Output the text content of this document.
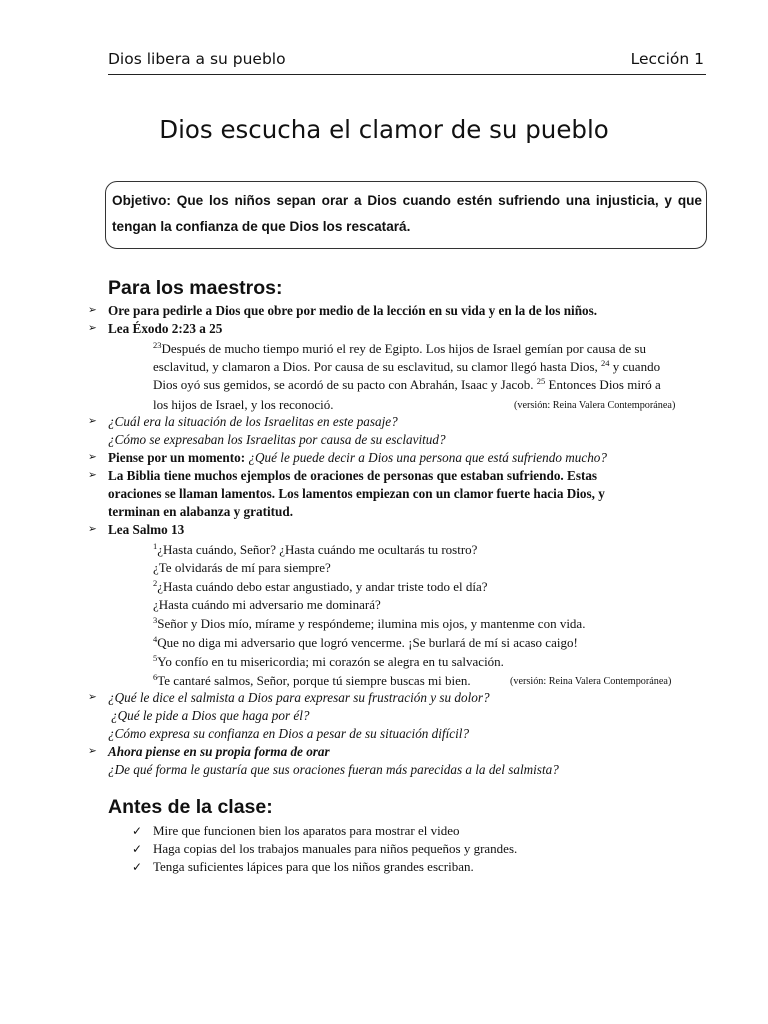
Dios libera a su pueblo	Lección 1
Dios escucha el clamor de su pueblo
Objetivo: Que los niños sepan orar a Dios cuando estén sufriendo una injusticia, y que tengan la confianza de que Dios los rescatará.
Para los maestros:
➢ Ore para pedirle a Dios que obre por medio de la lección en su vida y en la de los niños.
➢ Lea Éxodo 2:23 a 25
$^{23}$Después de mucho tiempo murió el rey de Egipto. Los hijos de Israel gemían por causa de su
esclavitud, y clamaron a Dios. Por causa de su esclavitud, su clamor llegó hasta Dios, $^{24}$ y cuando
Dios oyó sus gemidos, se acordó de su pacto con Abrahán, Isaac y Jacob. $^{25}$ Entonces Dios miró a
los hijos de Israel, y los reconoció.	(versión: Reina Valera Contemporánea)
➢ ¿Cuál era la situación de los Israelitas en este pasaje?
¿Cómo se expresaban los Israelitas por causa de su esclavitud?
➢ Piense por un momento: ¿Qué le puede decir a Dios una persona que está sufriendo mucho?
➢ La Biblia tiene muchos ejemplos de oraciones de personas que estaban sufriendo. Estas
oraciones se llaman lamentos. Los lamentos empiezan con un clamor fuerte hacia Dios, y
terminan en alabanza y gratitud.
➢ Lea Salmo 13
$^1$¿Hasta cuándo, Señor? ¿Hasta cuándo me ocultarás tu rostro?
¿Te olvidarás de mí para siempre?
$^2$¿Hasta cuándo debo estar angustiado, y andar triste todo el día?
¿Hasta cuándo mi adversario me dominará?
$^3$Señor y Dios mío, mírame y respóndeme; ilumina mis ojos, y mantenme con vida.
$^4$Que no diga mi adversario que logró vencerme. ¡Se burlará de mí si acaso caigo!
$^5$Yo confío en tu misericordia; mi corazón se alegra en tu salvación.
$^6$Te cantaré salmos, Señor, porque tú siempre buscas mi bien.	(versión: Reina Valera Contemporánea)
➢ ¿Qué le dice el salmista a Dios para expresar su frustración y su dolor?
¿Qué le pide a Dios que haga por él?
¿Cómo expresa su confianza en Dios a pesar de su situación difícil?
➢ Ahora piense en su propia forma de orar
¿De qué forma le gustaría que sus oraciones fueran más parecidas a la del salmista?
Antes de la clase:
✓ Mire que funcionen bien los aparatos para mostrar el video
✓ Haga copias del los trabajos manuales para niños pequeños y grandes.
✓ Tenga suficientes lápices para que los niños grandes escriban.
